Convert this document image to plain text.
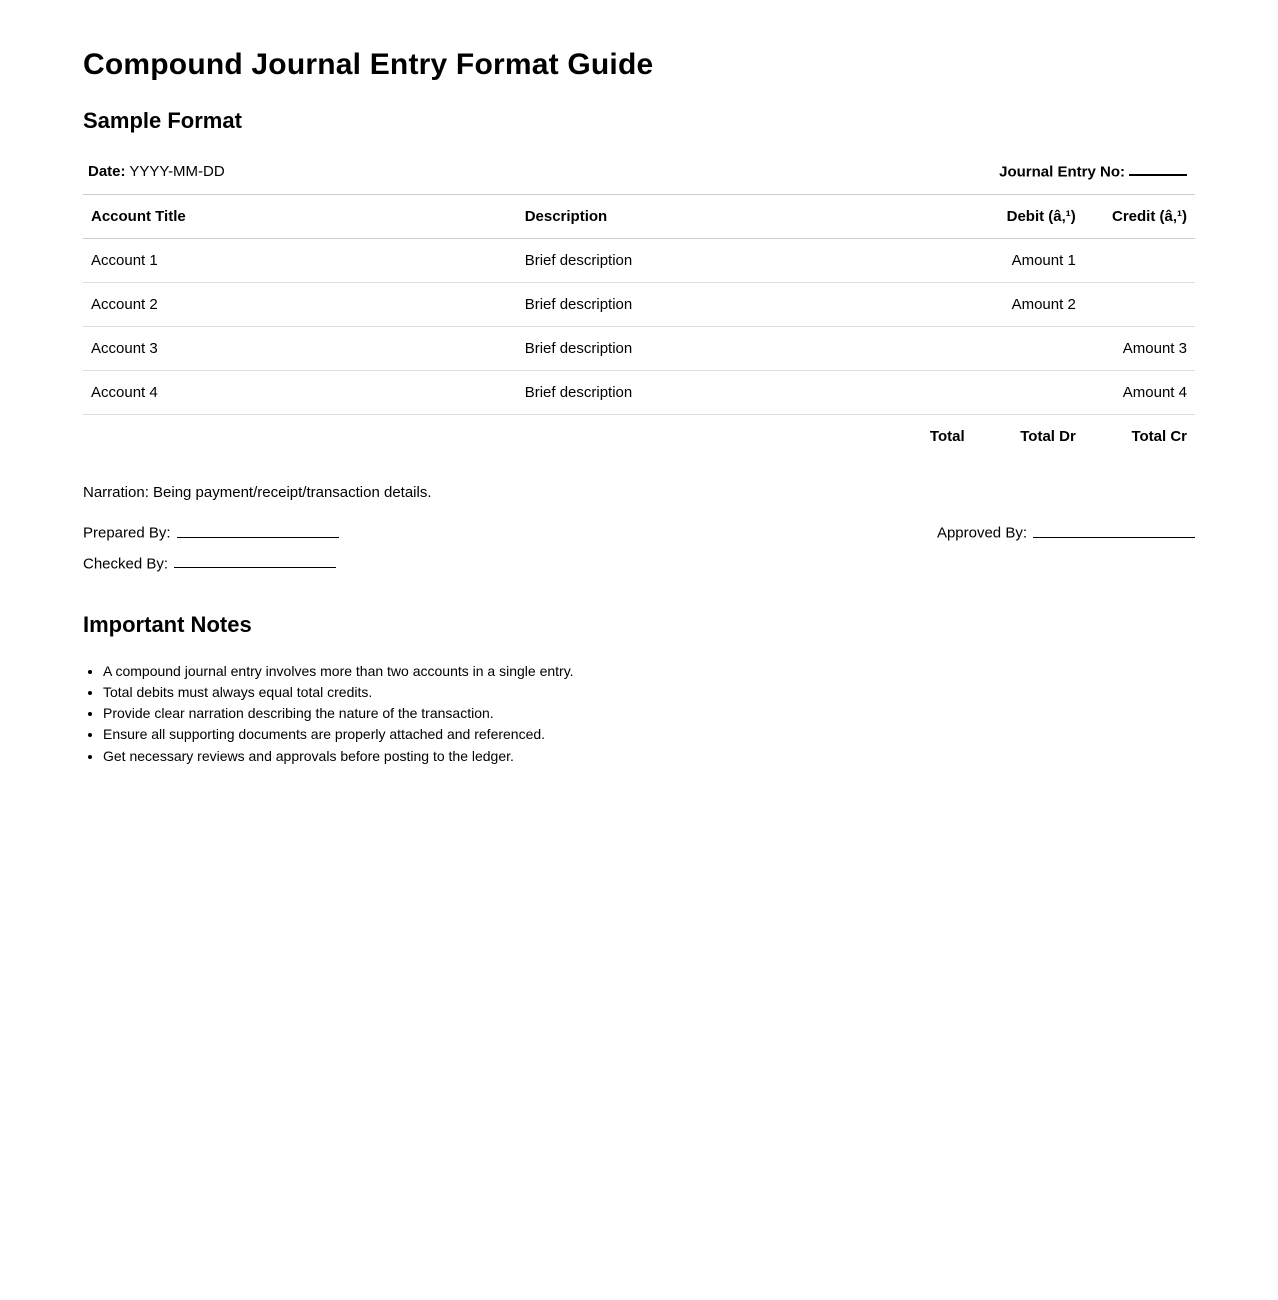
Compound Journal Entry Format Guide
Sample Format
Date: YYYY-MM-DD	Journal Entry No:
Account Title	Description	Debit (â‚¹)	Credit (â‚¹)
Account 1	Brief description	Amount 1	
Account 2	Brief description	Amount 2	
Account 3	Brief description		Amount 3
Account 4	Brief description		Amount 4
Total		Total Dr	Total Cr

Narration: Being payment/receipt/transaction details.

Prepared By:	Approved By:
Checked By:
Important Notes
• A compound journal entry involves more than two accounts in a single entry.
• Total debits must always equal total credits.
• Provide clear narration describing the nature of the transaction.
• Ensure all supporting documents are properly attached and referenced.
• Get necessary reviews and approvals before posting to the ledger.
